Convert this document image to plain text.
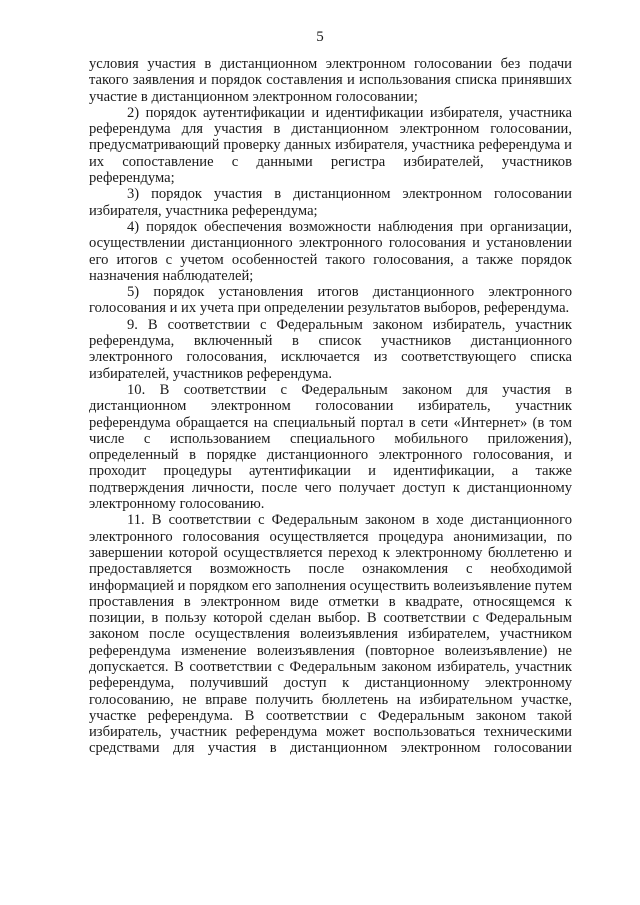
5

условия участия в дистанционном электронном голосовании без подачи такого заявления и порядок составления и использования списка принявших участие в дистанционном электронном голосовании;

2) порядок аутентификации и идентификации избирателя, участника референдума для участия в дистанционном электронном голосовании, предусматривающий проверку данных избирателя, участника референдума и их сопоставление с данными регистра избирателей, участников референдума;

3) порядок участия в дистанционном электронном голосовании избирателя, участника референдума;

4) порядок обеспечения возможности наблюдения при организации, осуществлении дистанционного электронного голосования и установлении его итогов с учетом особенностей такого голосования, а также порядок назначения наблюдателей;

5) порядок установления итогов дистанционного электронного голосования и их учета при определении результатов выборов, референдума.

9. В соответствии с Федеральным законом избиратель, участник референдума, включенный в список участников дистанционного электронного голосования, исключается из соответствующего списка избирателей, участников референдума.

10. В соответствии с Федеральным законом для участия в дистанционном электронном голосовании избиратель, участник референдума обращается на специальный портал в сети «Интернет» (в том числе с использованием специального мобильного приложения), определенный в порядке дистанционного электронного голосования, и проходит процедуры аутентификации и идентификации, а также подтверждения личности, после чего получает доступ к дистанционному электронному голосованию.

11. В соответствии с Федеральным законом в ходе дистанционного электронного голосования осуществляется процедура анонимизации, по завершении которой осуществляется переход к электронному бюллетеню и предоставляется возможность после ознакомления с необходимой информацией и порядком его заполнения осуществить волеизъявление путем проставления в электронном виде отметки в квадрате, относящемся к позиции, в пользу которой сделан выбор. В соответствии с Федеральным законом после осуществления волеизъявления избирателем, участником референдума изменение волеизъявления (повторное волеизъявление) не допускается. В соответствии с Федеральным законом избиратель, участник референдума, получивший доступ к дистанционному электронному голосованию, не вправе получить бюллетень на избирательном участке, участке референдума. В соответствии с Федеральным законом такой избиратель, участник референдума может воспользоваться техническими средствами для участия в дистанционном электронном голосовании
